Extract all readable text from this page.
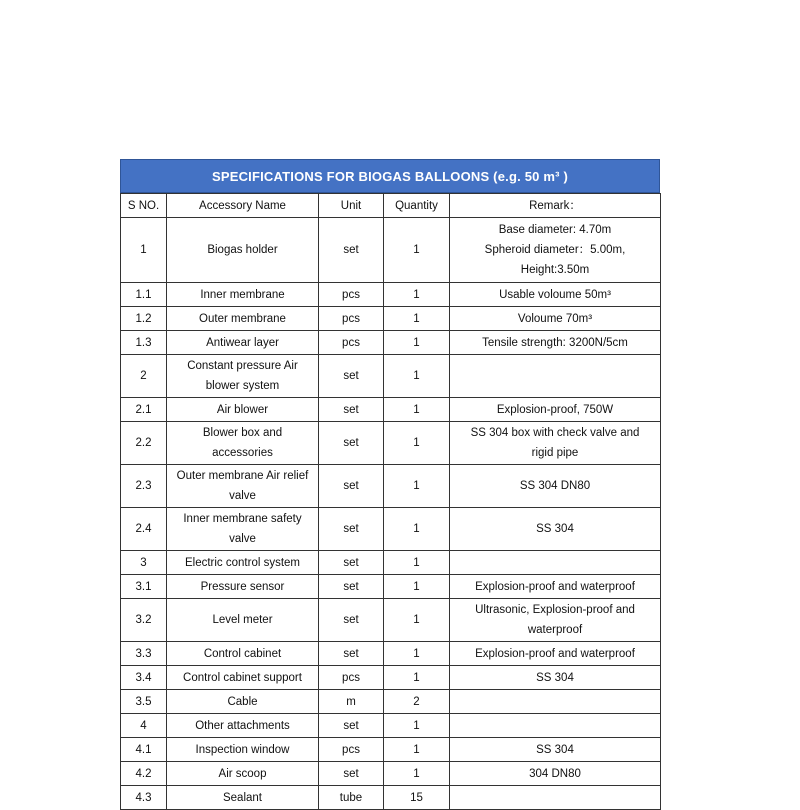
SPECIFICATIONS FOR BIOGAS BALLOONS (e.g. 50 m³ )
S NO.	Accessory Name	Unit	Quantity	Remark：
1	Biogas holder	set	1	Base diameter: 4.70m
Spheroid diameter：5.00m,
Height:3.50m

1.1	Inner membrane	pcs	1	Usable voloume 50m³

1.2	Outer membrane	pcs	1	Voloume 70m³

1.3	Antiwear layer	pcs	1	Tensile strength: 3200N/5cm

2	Constant pressure Air blower system	set	1	

2.1	Air blower	set	1	Explosion-proof, 750W

2.2	Blower box and accessories	set	1	SS 304 box with check valve and
rigid pipe

2.3	Outer membrane Air relief valve	set	1	SS 304 DN80

2.4	Inner membrane safety valve	set	1	SS 304

3	Electric control system	set	1	

3.1	Pressure sensor	set	1	Explosion-proof and waterproof

3.2	Level meter	set	1	Ultrasonic, Explosion-proof and
waterproof

3.3	Control cabinet	set	1	Explosion-proof and waterproof

3.4	Control cabinet support	pcs	1	SS 304

3.5	Cable	m	2	

4	Other attachments	set	1	

4.1	Inspection window	pcs	1	SS 304

4.2	Air scoop	set	1	304 DN80

4.3	Sealant	tube	15	
